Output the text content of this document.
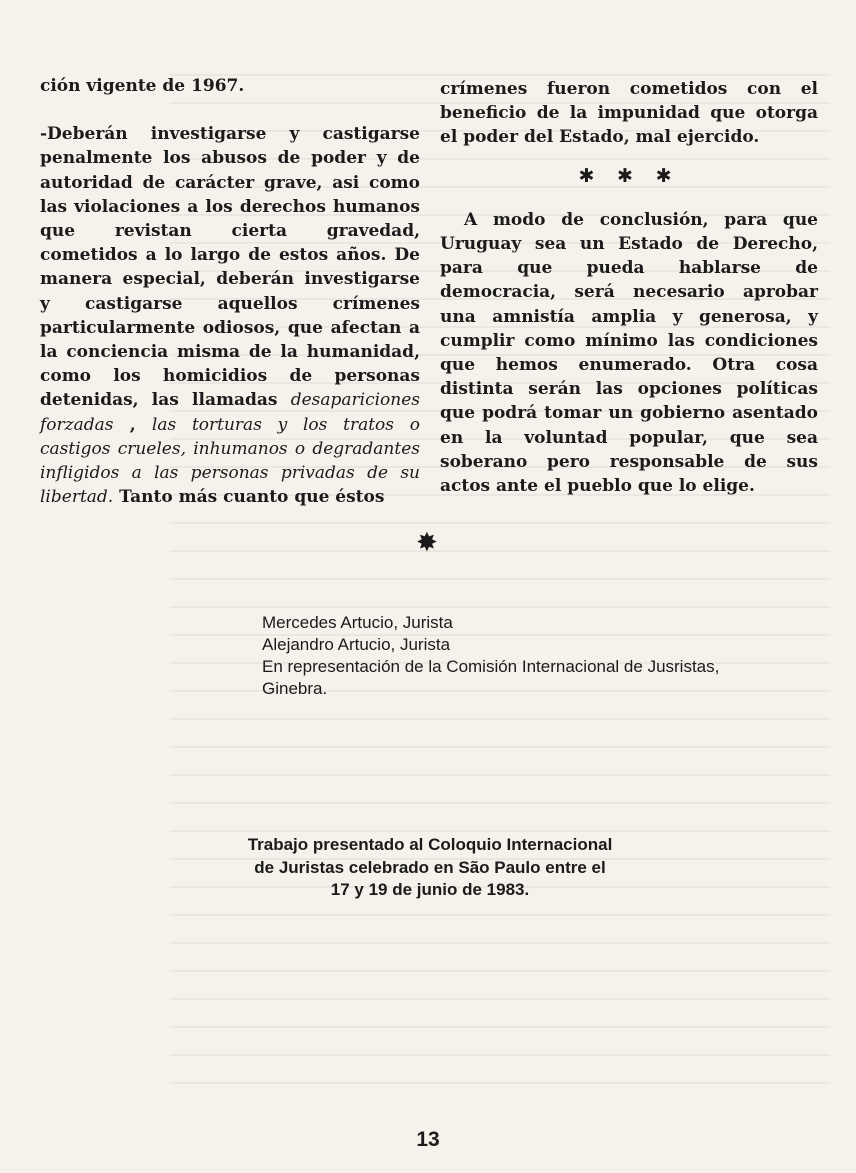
ción vigente de 1967.

-Deberán investigarse y castigarse penalmente los abusos de poder y de autoridad de carácter grave, asi como las violaciones a los derechos humanos que revistan cierta gravedad, cometidos a lo largo de estos años. De manera especial, deberán investigarse y castigarse aquellos crímenes particularmente odiosos, que afectan a la conciencia misma de la humanidad, como los homicidios de personas detenidas, las llamadas desapariciones forzadas , las torturas y los tratos o castigos crueles, inhumanos o degradantes infligidos a las personas privadas de su libertad. Tanto más cuanto que éstos

crímenes fueron cometidos con el beneficio de la impunidad que otorga el poder del Estado, mal ejercido.

✱ ✱ ✱

A modo de conclusión, para que Uruguay sea un Estado de Derecho, para que pueda hablarse de democracia, será necesario aprobar una amnistía amplia y generosa, y cumplir como mínimo las condiciones que hemos enumerado. Otra cosa distinta serán las opciones políticas que podrá tomar un gobierno asentado en la voluntad popular, que sea soberano pero responsable de sus actos ante el pueblo que lo elige.

✸
Mercedes Artucio, Jurista
Alejandro Artucio, Jurista
En representación de la Comisión Internacional de Jusristas,
Ginebra.
Trabajo presentado al Coloquio Internacional
de Juristas celebrado en São Paulo entre el
17 y 19 de junio de 1983.
13
